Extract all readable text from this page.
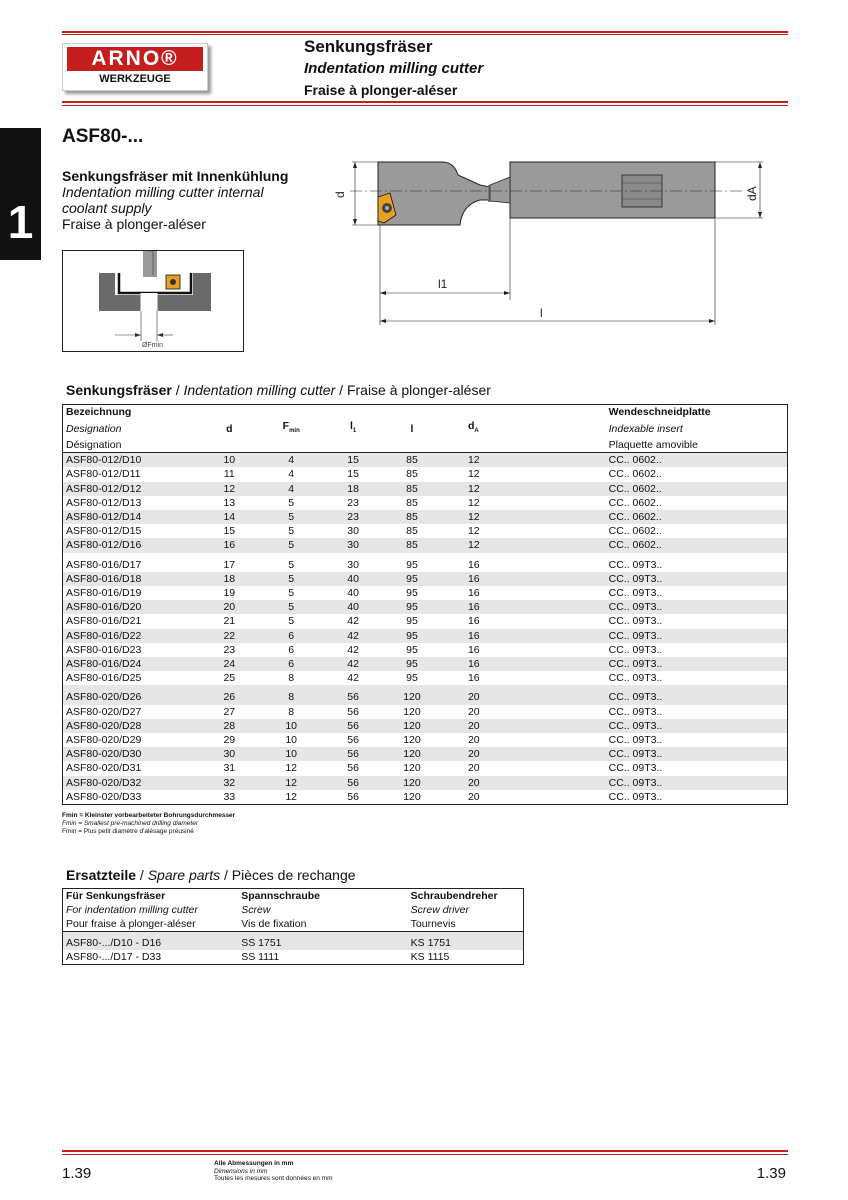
ARNO®
WERKZEUGE
Senkungsfräser
Indentation milling cutter
Fraise à plonger-aléser
1
ASF80-...
Senkungsfräser mit Innenkühlung
Indentation milling cutter internal
coolant supply
Fraise à plonger-aléser
ØFmin
d	dA
l1
l
Senkungsfräser / Indentation milling cutter / Fraise à plonger-aléser
Bezeichnung						Wendeschneidplatte
Designation	d	$F_{min}$	$l_1$	l	$d_A$	Indexable insert
Désignation						Plaquette amovible
ASF80-012/D10	10	4	15	85	12	CC.. 0602..
ASF80-012/D11	11	4	15	85	12	CC.. 0602..
ASF80-012/D12	12	4	18	85	12	CC.. 0602..
ASF80-012/D13	13	5	23	85	12	CC.. 0602..
ASF80-012/D14	14	5	23	85	12	CC.. 0602..
ASF80-012/D15	15	5	30	85	12	CC.. 0602..
ASF80-012/D16	16	5	30	85	12	CC.. 0602..
ASF80-016/D17	17	5	30	95	16	CC.. 09T3..
ASF80-016/D18	18	5	40	95	16	CC.. 09T3..
ASF80-016/D19	19	5	40	95	16	CC.. 09T3..
ASF80-016/D20	20	5	40	95	16	CC.. 09T3..
ASF80-016/D21	21	5	42	95	16	CC.. 09T3..
ASF80-016/D22	22	6	42	95	16	CC.. 09T3..
ASF80-016/D23	23	6	42	95	16	CC.. 09T3..
ASF80-016/D24	24	6	42	95	16	CC.. 09T3..
ASF80-016/D25	25	8	42	95	16	CC.. 09T3..
ASF80-020/D26	26	8	56	120	20	CC.. 09T3..
ASF80-020/D27	27	8	56	120	20	CC.. 09T3..
ASF80-020/D28	28	10	56	120	20	CC.. 09T3..
ASF80-020/D29	29	10	56	120	20	CC.. 09T3..
ASF80-020/D30	30	10	56	120	20	CC.. 09T3..
ASF80-020/D31	31	12	56	120	20	CC.. 09T3..
ASF80-020/D32	32	12	56	120	20	CC.. 09T3..
ASF80-020/D33	33	12	56	120	20	CC.. 09T3..
Fmin = Kleinster vorbearbeiteter Bohrungsdurchmesser
Fmin = Smallest pre-machined drilling diameter
Fmin = Plus petit diamètre d'alésage préusiné
Ersatzteile / Spare parts / Pièces de rechange
Für Senkungsfräser	Spannschraube	Schraubendreher
For indentation milling cutter	Screw	Screw driver
Pour fraise à plonger-aléser	Vis de fixation	Tournevis
ASF80-.../D10 - D16	SS 1751	KS 1751
ASF80-.../D17 - D33	SS 1111	KS 1115
1.39	1.39
Alle Abmessungen in mm
Dimensions in mm
Toutes les mesures sont données en mm
